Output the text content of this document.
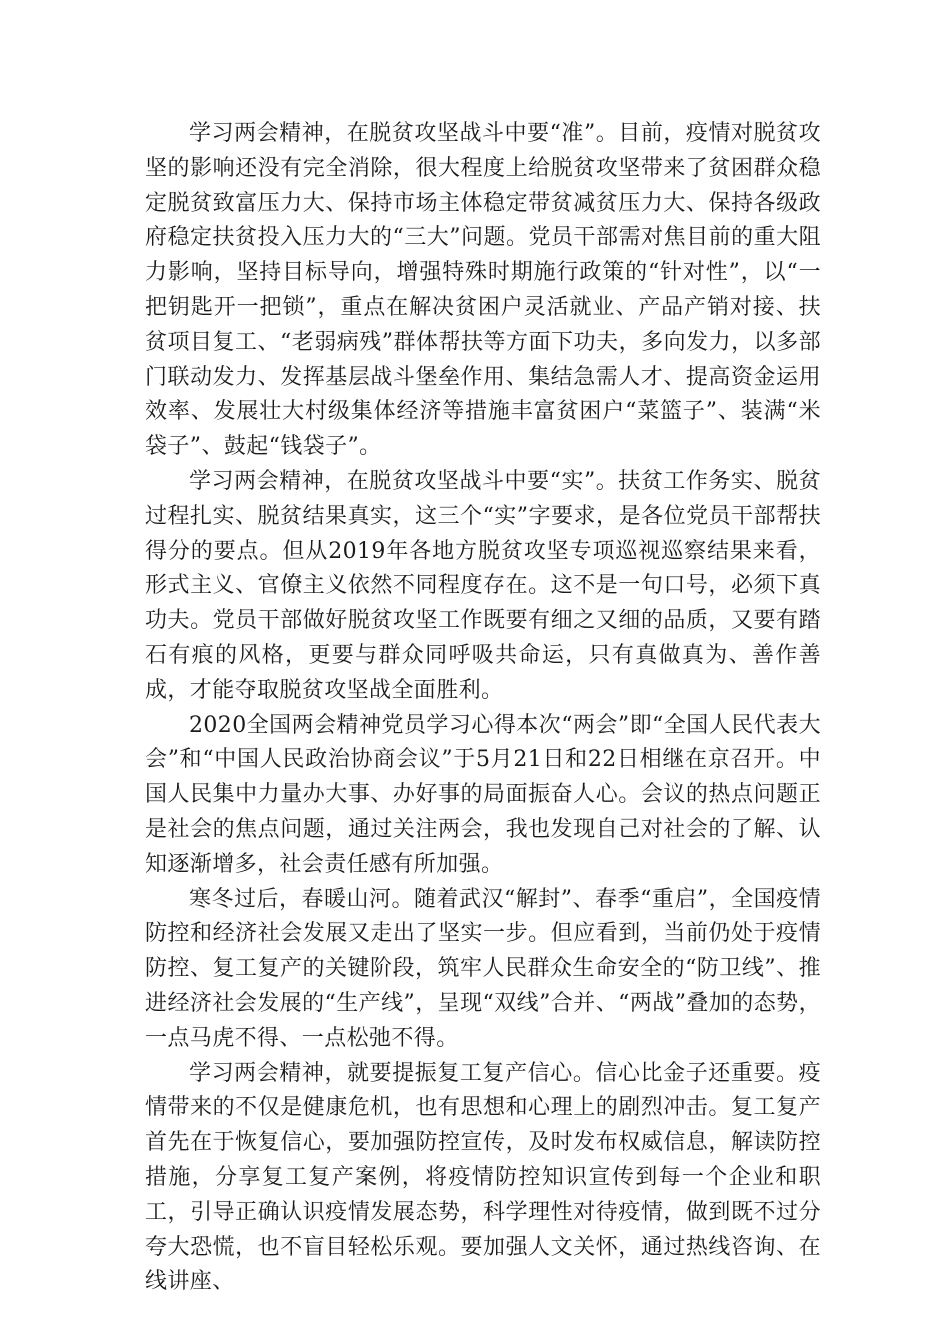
学习两会精神，在脱贫攻坚战斗中要“准”。目前，疫情对脱贫攻坚的影响还没有完全消除，很大程度上给脱贫攻坚带来了贫困群众稳定脱贫致富压力大、保持市场主体稳定带贫减贫压力大、保持各级政府稳定扶贫投入压力大的“三大”问题。党员干部需对焦目前的重大阻力影响，坚持目标导向，增强特殊时期施行政策的“针对性”，以“一把钥匙开一把锁”，重点在解决贫困户灵活就业、产品产销对接、扶贫项目复工、“老弱病残”群体帮扶等方面下功夫，多向发力，以多部门联动发力、发挥基层战斗堡垒作用、集结急需人才、提高资金运用效率、发展壮大村级集体经济等措施丰富贫困户“菜篮子”、装满“米袋子”、鼓起“钱袋子”。

学习两会精神，在脱贫攻坚战斗中要“实”。扶贫工作务实、脱贫过程扎实、脱贫结果真实，这三个“实”字要求，是各位党员干部帮扶得分的要点。但从2019年各地方脱贫攻坚专项巡视巡察结果来看，形式主义、官僚主义依然不同程度存在。这不是一句口号，必须下真功夫。党员干部做好脱贫攻坚工作既要有细之又细的品质，又要有踏石有痕的风格，更要与群众同呼吸共命运，只有真做真为、善作善成，才能夺取脱贫攻坚战全面胜利。

2020全国两会精神党员学习心得本次“两会”即“全国人民代表大会”和“中国人民政治协商会议”于5月21日和22日相继在京召开。中国人民集中力量办大事、办好事的局面振奋人心。会议的热点问题正是社会的焦点问题，通过关注两会，我也发现自己对社会的了解、认知逐渐增多，社会责任感有所加强。

寒冬过后，春暖山河。随着武汉“解封”、春季“重启”，全国疫情防控和经济社会发展又走出了坚实一步。但应看到，当前仍处于疫情防控、复工复产的关键阶段，筑牢人民群众生命安全的“防卫线”、推进经济社会发展的“生产线”，呈现“双线”合并、“两战”叠加的态势，一点马虎不得、一点松弛不得。

学习两会精神，就要提振复工复产信心。信心比金子还重要。疫情带来的不仅是健康危机，也有思想和心理上的剧烈冲击。复工复产首先在于恢复信心，要加强防控宣传，及时发布权威信息，解读防控措施，分享复工复产案例，将疫情防控知识宣传到每一个企业和职工，引导正确认识疫情发展态势，科学理性对待疫情，做到既不过分夸大恐慌，也不盲目轻松乐观。要加强人文关怀，通过热线咨询、在线讲座、
